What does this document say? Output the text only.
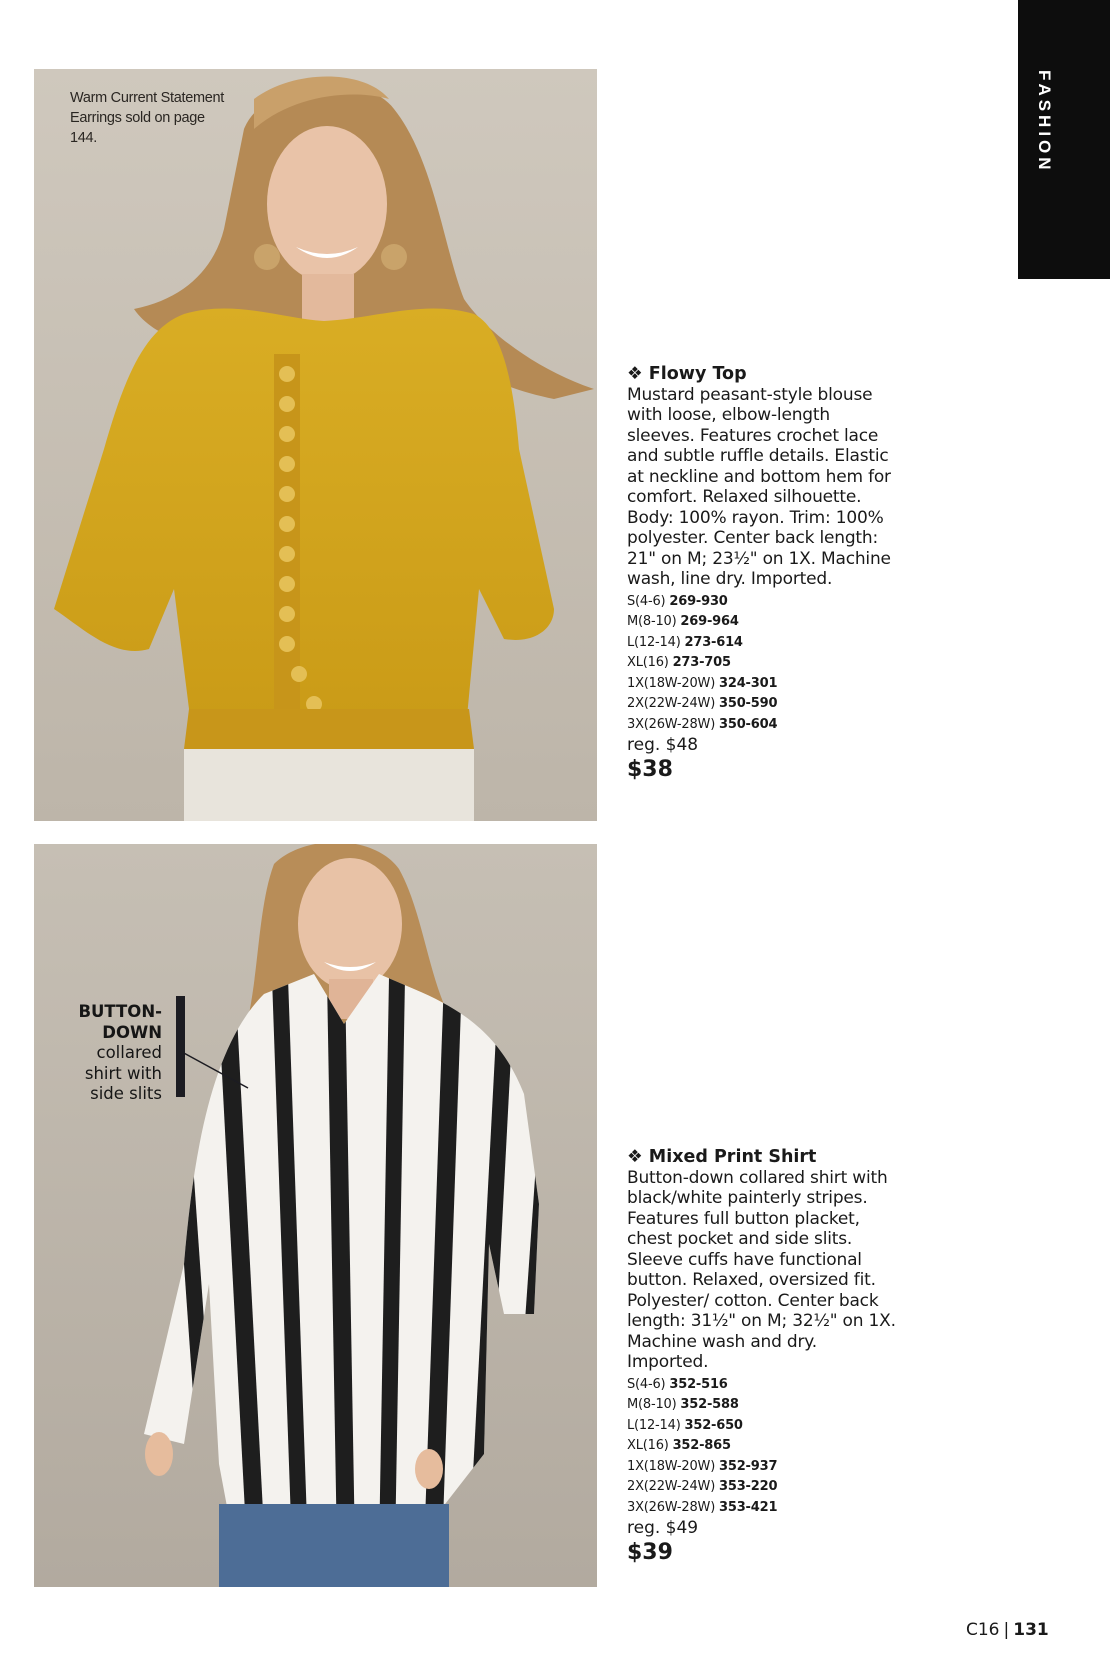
FASHION
Warm Current Statement Earrings sold on page 144.
BUTTON-
DOWN
collared shirt with side slits
❖ Flowy Top
Mustard peasant-style blouse with loose, elbow-length sleeves. Features crochet lace and subtle ruffle details. Elastic at neckline and bottom hem for comfort. Relaxed silhouette. Body: 100% rayon. Trim: 100% polyester. Center back length: 21" on M; 23½" on 1X. Machine wash, line dry. Imported.
S(4-6) 269-930
M(8-10) 269-964
L(12-14) 273-614
XL(16) 273-705
1X(18W-20W) 324-301
2X(22W-24W) 350-590
3X(26W-28W) 350-604
reg. $48
$38
❖ Mixed Print Shirt
Button-down collared shirt with black/white painterly stripes. Features full button placket, chest pocket and side slits. Sleeve cuffs have functional button. Relaxed, oversized fit. Polyester/ cotton. Center back length: 31½" on M; 32½" on 1X. Machine wash and dry. Imported.
S(4-6) 352-516
M(8-10) 352-588
L(12-14) 352-650
XL(16) 352-865
1X(18W-20W) 352-937
2X(22W-24W) 353-220
3X(26W-28W) 353-421
reg. $49
$39
C16 | 131
